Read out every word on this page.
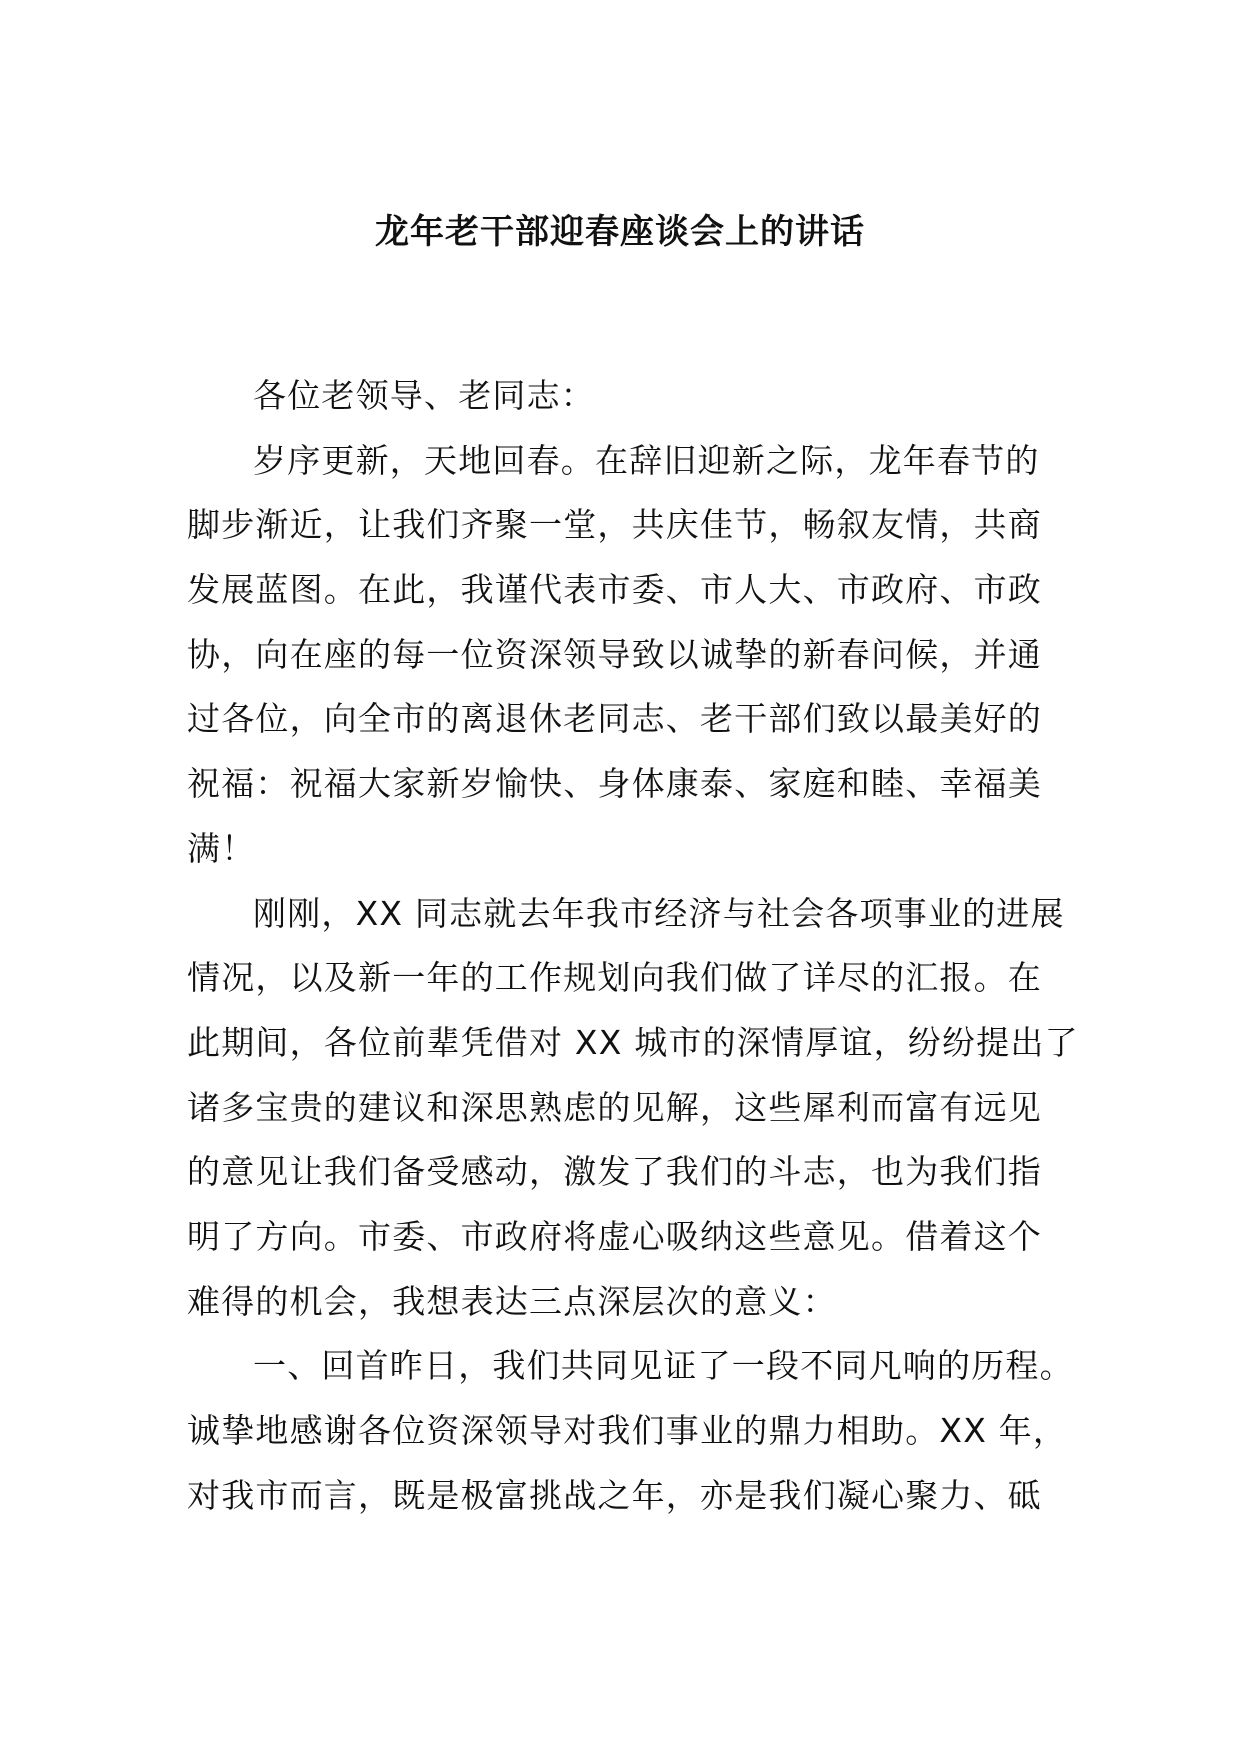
龙年老干部迎春座谈会上的讲话
各位老领导、老同志：
岁序更新，天地回春。在辞旧迎新之际，龙年春节的
脚步渐近，让我们齐聚一堂，共庆佳节，畅叙友情，共商
发展蓝图。在此，我谨代表市委、市人大、市政府、市政
协，向在座的每一位资深领导致以诚挚的新春问候，并通
过各位，向全市的离退休老同志、老干部们致以最美好的
祝福：祝福大家新岁愉快、身体康泰、家庭和睦、幸福美
满！
刚刚，XX 同志就去年我市经济与社会各项事业的进展
情况，以及新一年的工作规划向我们做了详尽的汇报。在
此期间，各位前辈凭借对 XX 城市的深情厚谊，纷纷提出了
诸多宝贵的建议和深思熟虑的见解，这些犀利而富有远见
的意见让我们备受感动，激发了我们的斗志，也为我们指
明了方向。市委、市政府将虚心吸纳这些意见。借着这个
难得的机会，我想表达三点深层次的意义：
一、回首昨日，我们共同见证了一段不同凡响的历程。
诚挚地感谢各位资深领导对我们事业的鼎力相助。XX 年，
对我市而言，既是极富挑战之年，亦是我们凝心聚力、砥
